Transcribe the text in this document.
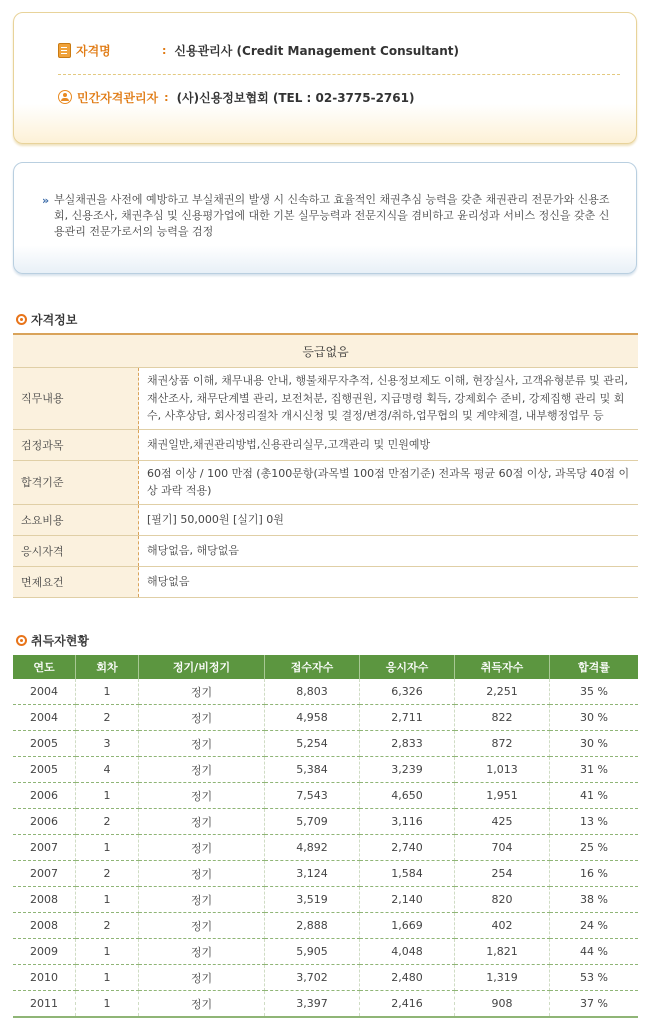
자격명	: 신용관리사 (Credit Management Consultant)
민간자격관리자 : (사)신용정보협회 (TEL : 02-3775-2761)
» 부실채권을 사전에 예방하고 부실채권의 발생 시 신속하고 효율적인 채권추심 능력을 갖춘 채권관리 전문가와 신용조회, 신용조사, 채권추심 및 신용평가업에 대한 기본 실무능력과 전문지식을 겸비하고 윤리성과 서비스 정신을 갖춘 신용관리 전문가로서의 능력을 검정
자격정보
등급없음	
직무내용	채권상품 이해, 채무내용 안내, 행불채무자추적, 신용정보제도 이해, 현장실사, 고객유형분류 및 관리, 재산조사, 채무단계별 관리, 보전처분, 집행권원, 지급명령 획득, 강제회수 준비, 강제집행 관리 및 회수, 사후상담, 회사정리절차 개시신청 및 결정/변경/취하,업무협의 및 계약체결, 내부행정업무 등
검정과목	채권일반,채권관리방법,신용관리실무,고객관리 및 민원예방
합격기준	60점 이상 / 100 만점 (총100문항(과목별 100점 만점기준) 전과목 평균 60점 이상, 과목당 40점 이상 과락 적용)
소요비용	[필기] 50,000원 [실기] 0원
응시자격	해당없음, 해당없음
면제요건	해당없음
취득자현황
연도	회차	정기/비정기	접수자수	응시자수	취득자수	합격률
2004	1	정기	8,803	6,326	2,251	35 %
2004	2	정기	4,958	2,711	822	30 %
2005	3	정기	5,254	2,833	872	30 %
2005	4	정기	5,384	3,239	1,013	31 %
2006	1	정기	7,543	4,650	1,951	41 %
2006	2	정기	5,709	3,116	425	13 %
2007	1	정기	4,892	2,740	704	25 %
2007	2	정기	3,124	1,584	254	16 %
2008	1	정기	3,519	2,140	820	38 %
2008	2	정기	2,888	1,669	402	24 %
2009	1	정기	5,905	4,048	1,821	44 %
2010	1	정기	3,702	2,480	1,319	53 %
2011	1	정기	3,397	2,416	908	37 %
